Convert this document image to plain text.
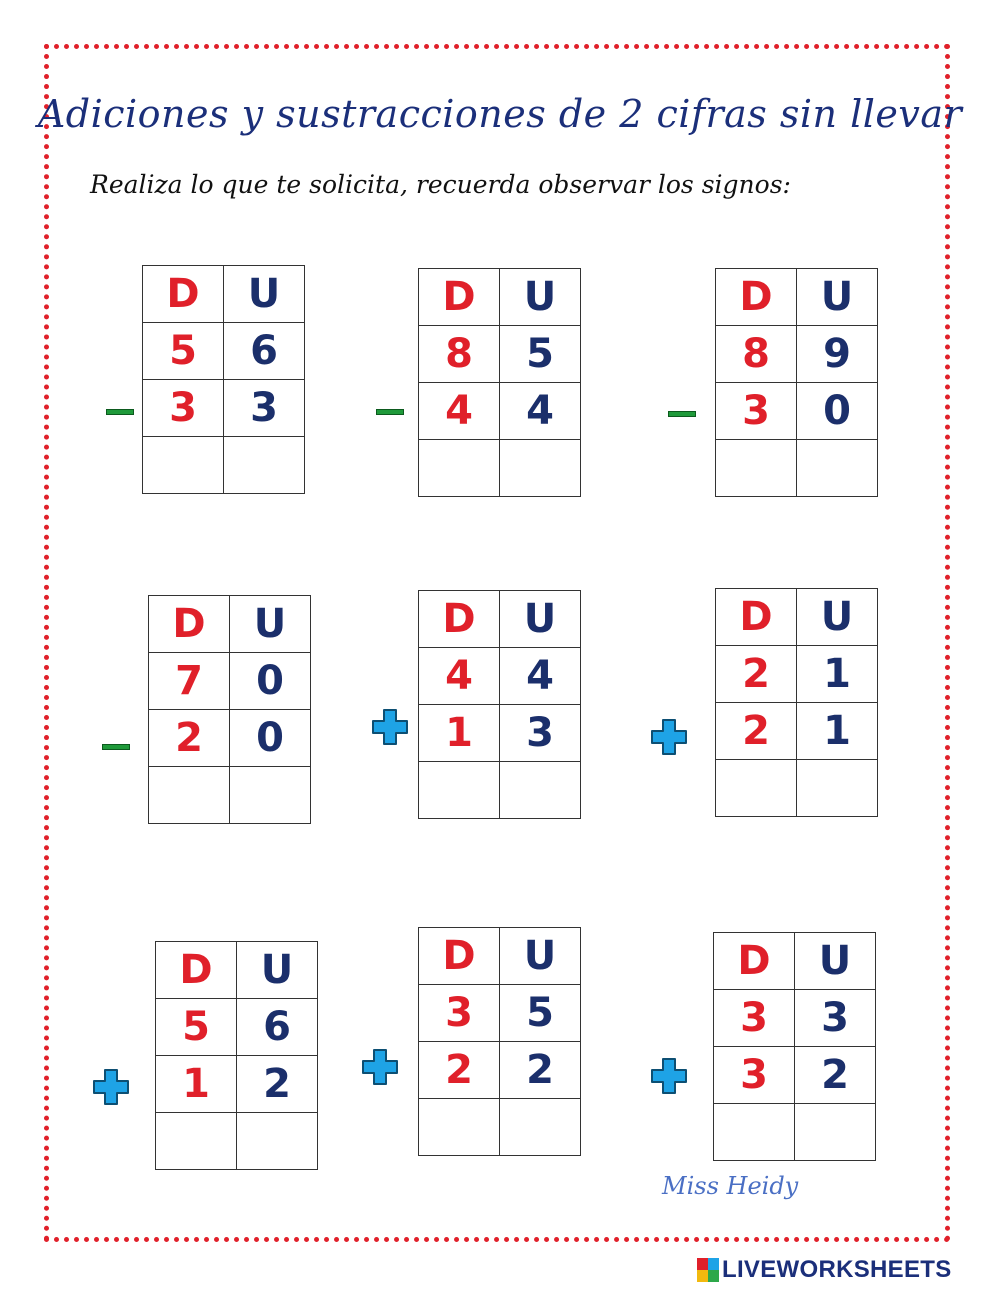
Adiciones y sustracciones de 2 cifras sin llevar

Realiza lo que te solicita, recuerda observar los signos:

D	U
5	6
3	3

D	U
8	5
4	4

D	U
8	9
3	0

D	U
7	0
2	0

D	U
4	4
1	3

D	U
2	1
2	1

D	U
5	6
1	2

D	U
3	5
2	2

D	U
3	3
3	2

Miss Heidy
LIVEWORKSHEETS
